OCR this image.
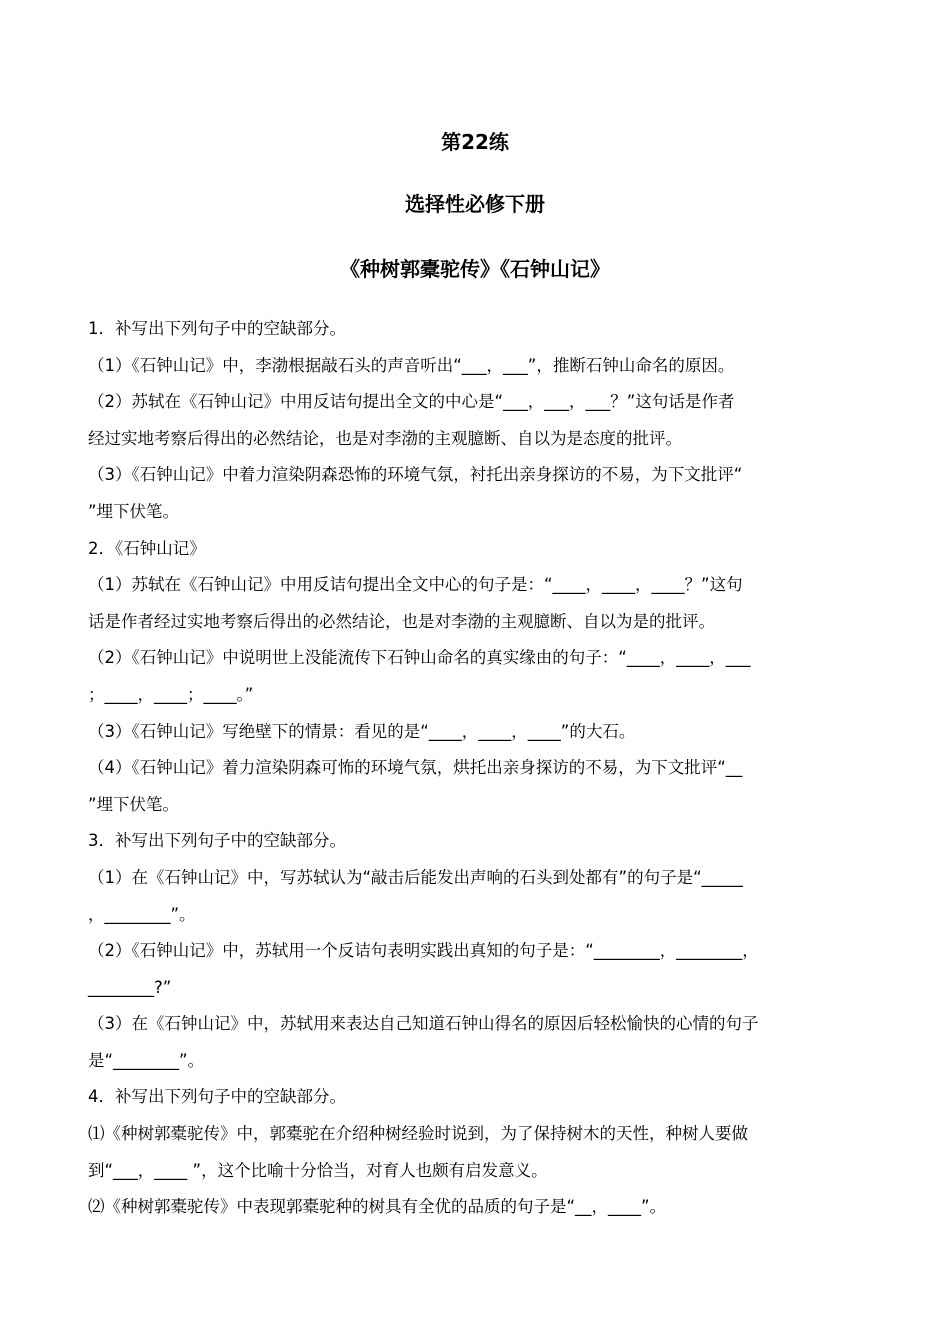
第22练
选择性必修下册
《种树郭橐驼传》《石钟山记》
1．补写出下列句子中的空缺部分。
（1）《石钟山记》中，李渤根据敲石头的声音听出“___，___”，推断石钟山命名的原因。
（2）苏轼在《石钟山记》中用反诘句提出全文的中心是“___，___，___？”这句话是作者
经过实地考察后得出的必然结论，也是对李渤的主观臆断、自以为是态度的批评。
（3）《石钟山记》中着力渲染阴森恐怖的环境气氛，衬托出亲身探访的不易，为下文批评“
”埋下伏笔。
2．《石钟山记》
（1）苏轼在《石钟山记》中用反诘句提出全文中心的句子是：“____，____，____？”这句
话是作者经过实地考察后得出的必然结论，也是对李渤的主观臆断、自以为是的批评。
（2）《石钟山记》中说明世上没能流传下石钟山命名的真实缘由的句子：“____，____，___
；____，____；____。”
（3）《石钟山记》写绝壁下的情景：看见的是“____，____，____”的大石。
（4）《石钟山记》着力渲染阴森可怖的环境气氛，烘托出亲身探访的不易，为下文批评“__
”埋下伏笔。
3．补写出下列句子中的空缺部分。
（1）在《石钟山记》中，写苏轼认为“敲击后能发出声响的石头到处都有”的句子是“_____
，________”。
（2）《石钟山记》中，苏轼用一个反诘句表明实践出真知的句子是：“________，________，
________?”
（3）在《石钟山记》中，苏轼用来表达自己知道石钟山得名的原因后轻松愉快的心情的句子
是“________”。
4．补写出下列句子中的空缺部分。
⑴《种树郭橐驼传》中，郭橐驼在介绍种树经验时说到，为了保持树木的天性，种树人要做
到“___，____ ”，这个比喻十分恰当，对育人也颇有启发意义。
⑵《种树郭橐驼传》中表现郭橐驼种的树具有全优的品质的句子是“__，____”。
